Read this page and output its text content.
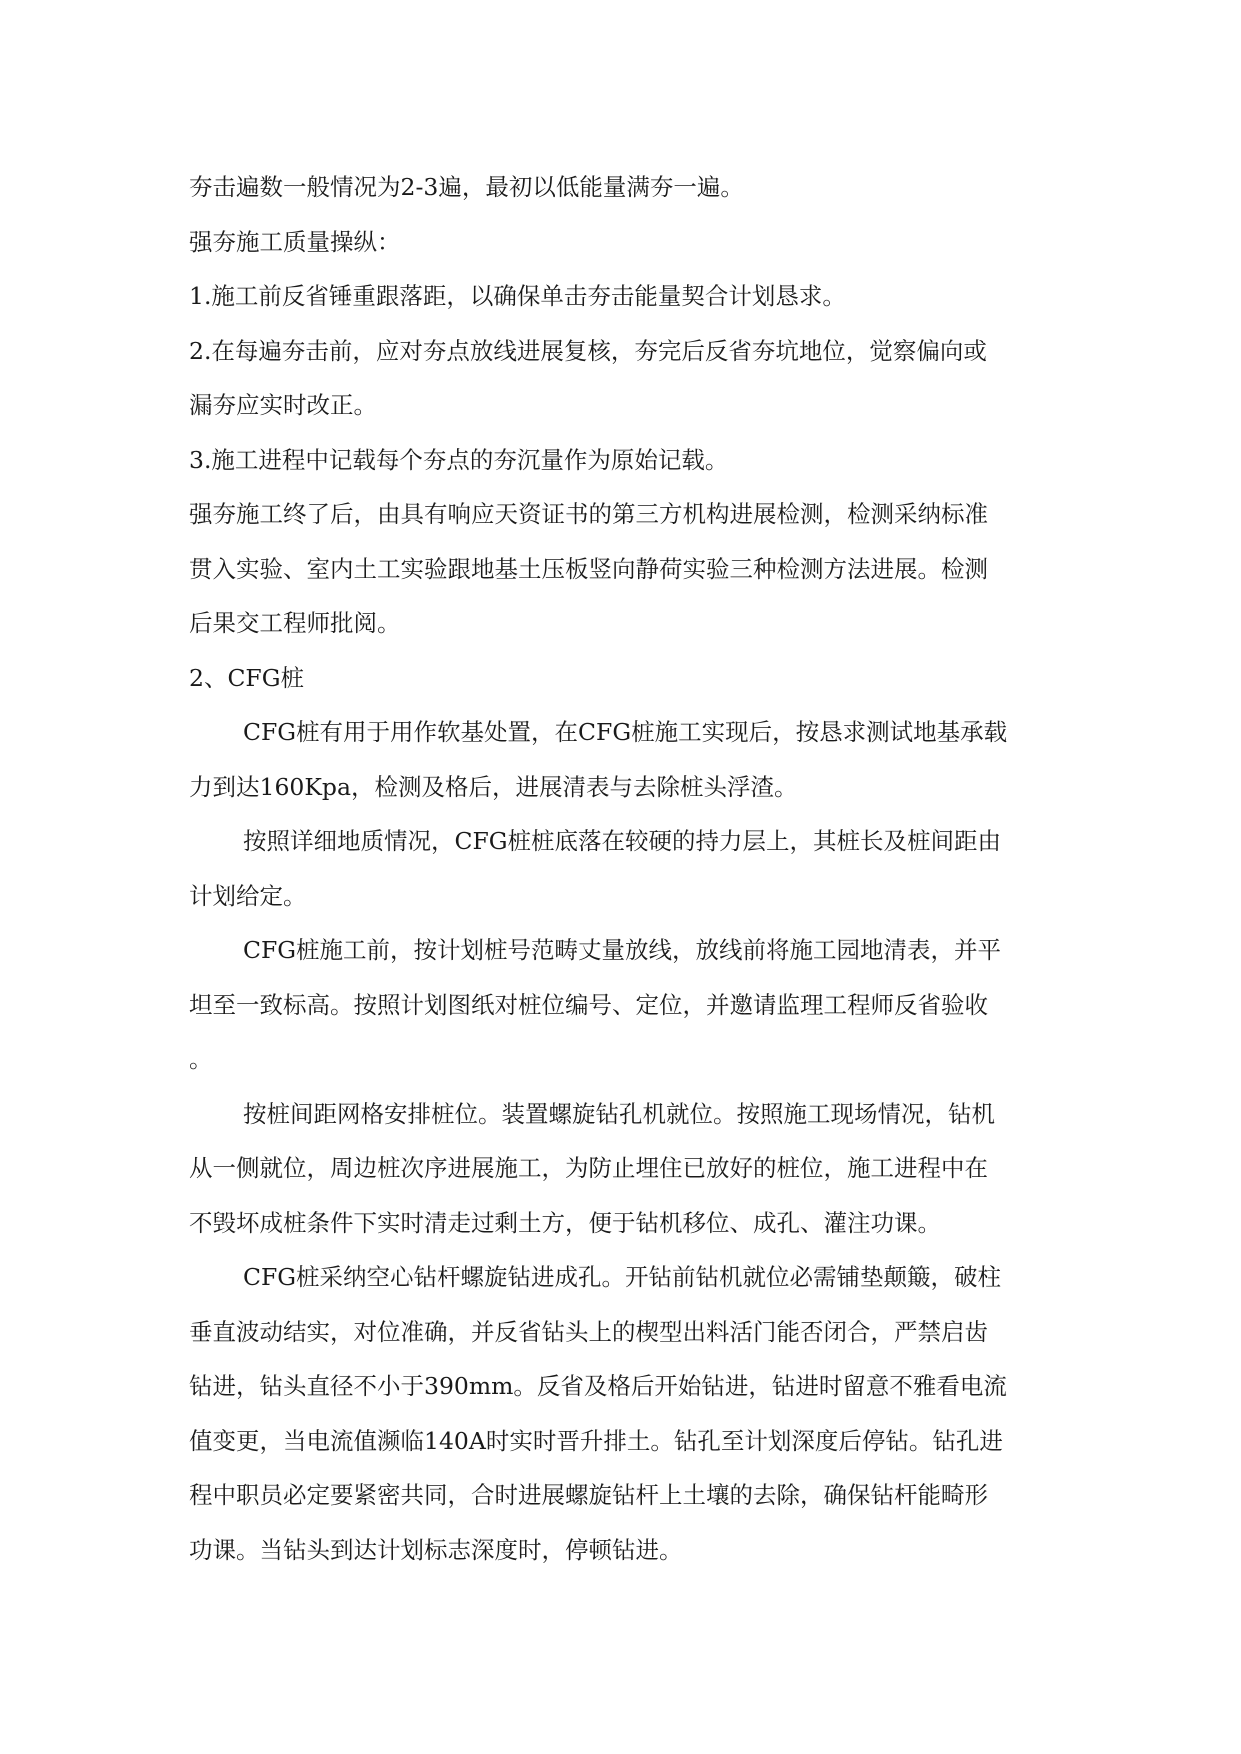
夯击遍数一般情况为2-3遍，最初以低能量满夯一遍。
强夯施工质量操纵：
1.施工前反省锤重跟落距，以确保单击夯击能量契合计划恳求。
2.在每遍夯击前，应对夯点放线进展复核，夯完后反省夯坑地位，觉察偏向或
漏夯应实时改正。
3.施工进程中记载每个夯点的夯沉量作为原始记载。
强夯施工终了后，由具有响应天资证书的第三方机构进展检测，检测采纳标准
贯入实验、室内土工实验跟地基土压板竖向静荷实验三种检测方法进展。检测
后果交工程师批阅。
2、CFG桩
CFG桩有用于用作软基处置，在CFG桩施工实现后，按恳求测试地基承载
力到达160Kpa，检测及格后，进展清表与去除桩头浮渣。
按照详细地质情况，CFG桩桩底落在较硬的持力层上，其桩长及桩间距由
计划给定。
CFG桩施工前，按计划桩号范畴丈量放线，放线前将施工园地清表，并平
坦至一致标高。按照计划图纸对桩位编号、定位，并邀请监理工程师反省验收
。
按桩间距网格安排桩位。装置螺旋钻孔机就位。按照施工现场情况，钻机
从一侧就位，周边桩次序进展施工，为防止埋住已放好的桩位，施工进程中在
不毁坏成桩条件下实时清走过剩土方，便于钻机移位、成孔、灌注功课。
CFG桩采纳空心钻杆螺旋钻进成孔。开钻前钻机就位必需铺垫颠簸，破柱
垂直波动结实，对位准确，并反省钻头上的楔型出料活门能否闭合，严禁启齿
钻进，钻头直径不小于390mm。反省及格后开始钻进，钻进时留意不雅看电流
值变更，当电流值濒临140A时实时晋升排土。钻孔至计划深度后停钻。钻孔进
程中职员必定要紧密共同，合时进展螺旋钻杆上土壤的去除，确保钻杆能畸形
功课。当钻头到达计划标志深度时，停顿钻进。
